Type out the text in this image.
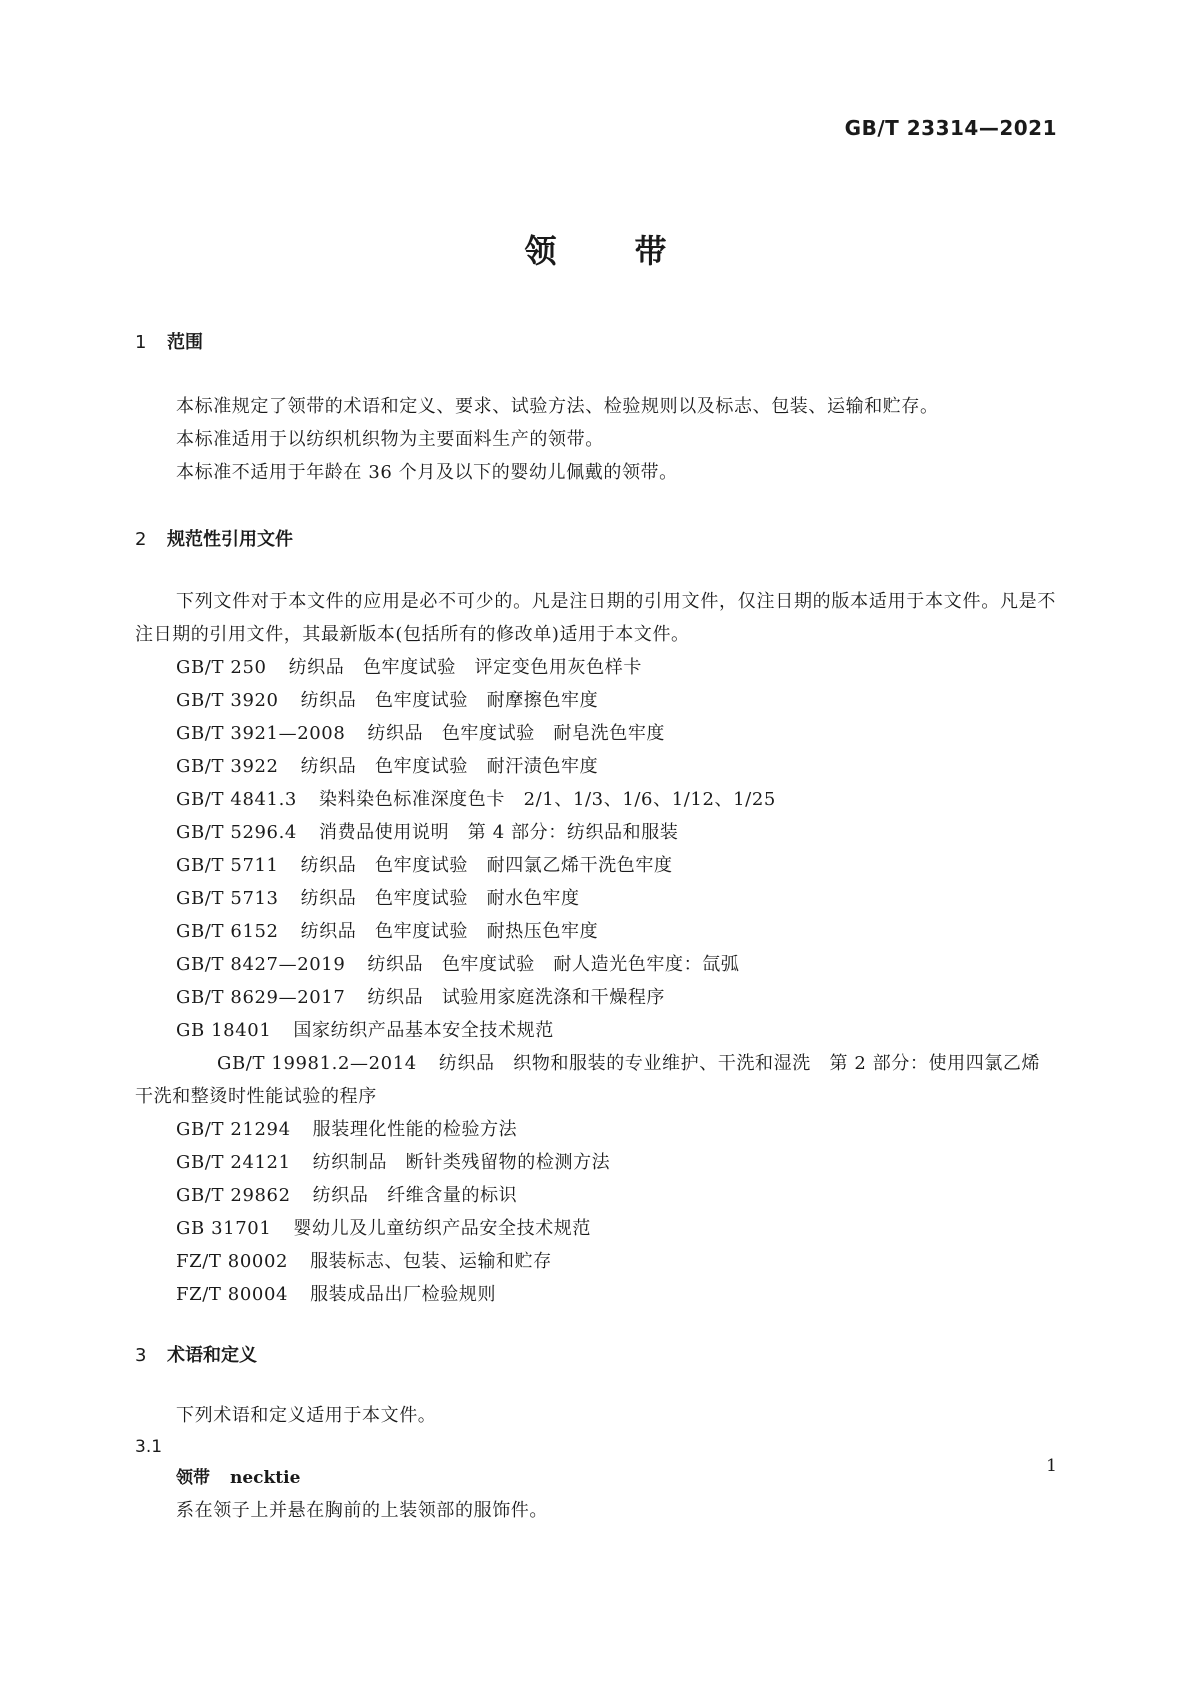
GB/T 23314—2021
领带
1 范围

本标准规定了领带的术语和定义、要求、试验方法、检验规则以及标志、包装、运输和贮存。

本标准适用于以纺织机织物为主要面料生产的领带。

本标准不适用于年龄在 36 个月及以下的婴幼儿佩戴的领带。

2 规范性引用文件

下列文件对于本文件的应用是必不可少的。凡是注日期的引用文件，仅注日期的版本适用于本文件。凡是不注日期的引用文件，其最新版本(包括所有的修改单)适用于本文件。

GB/T 250 纺织品　色牢度试验　评定变色用灰色样卡

GB/T 3920 纺织品　色牢度试验　耐摩擦色牢度

GB/T 3921—2008 纺织品　色牢度试验　耐皂洗色牢度

GB/T 3922 纺织品　色牢度试验　耐汗渍色牢度

GB/T 4841.3 染料染色标准深度色卡　2/1、1/3、1/6、1/12、1/25

GB/T 5296.4 消费品使用说明　第 4 部分：纺织品和服装

GB/T 5711 纺织品　色牢度试验　耐四氯乙烯干洗色牢度

GB/T 5713 纺织品　色牢度试验　耐水色牢度

GB/T 6152 纺织品　色牢度试验　耐热压色牢度

GB/T 8427—2019 纺织品　色牢度试验　耐人造光色牢度：氙弧

GB/T 8629—2017 纺织品　试验用家庭洗涤和干燥程序

GB 18401 国家纺织产品基本安全技术规范

GB/T 19981.2—2014 纺织品　织物和服装的专业维护、干洗和湿洗　第 2 部分：使用四氯乙烯干洗和整烫时性能试验的程序

GB/T 21294 服装理化性能的检验方法

GB/T 24121 纺织制品　断针类残留物的检测方法

GB/T 29862 纺织品　纤维含量的标识

GB 31701 婴幼儿及儿童纺织产品安全技术规范

FZ/T 80002 服装标志、包装、运输和贮存

FZ/T 80004 服装成品出厂检验规则

3 术语和定义

下列术语和定义适用于本文件。

3.1

领带 necktie

系在领子上并悬在胸前的上装领部的服饰件。

1
